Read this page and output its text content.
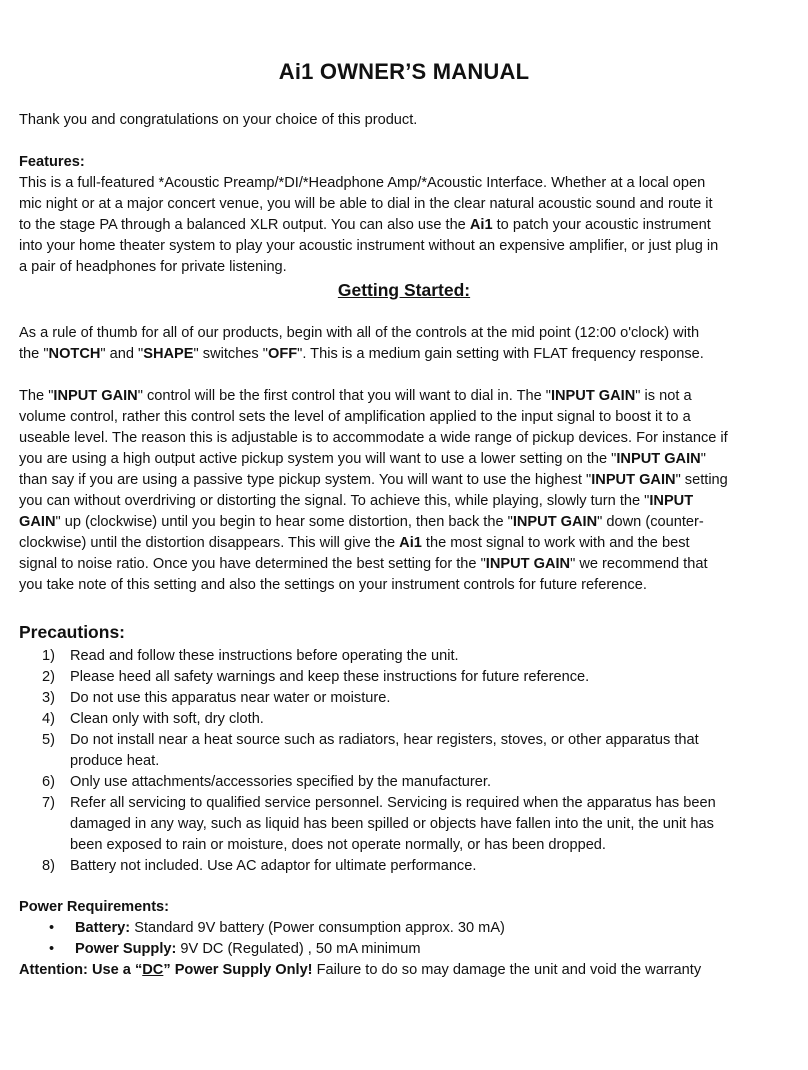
Ai1 OWNER’S MANUAL
Thank you and congratulations on your choice of this product.
Features:
This is a full-featured *Acoustic Preamp/*DI/*Headphone Amp/*Acoustic Interface. Whether at a local open
mic night or at a major concert venue, you will be able to dial in the clear natural acoustic sound and route it
to the stage PA through a balanced XLR output. You can also use the Ai1 to patch your acoustic instrument
into your home theater system to play your acoustic instrument without an expensive amplifier, or just plug in
a pair of headphones for private listening.
Getting Started:
As a rule of thumb for all of our products, begin with all of the controls at the mid point (12:00 o'clock) with
the "NOTCH" and "SHAPE" switches "OFF". This is a medium gain setting with FLAT frequency response.
The "INPUT GAIN" control will be the first control that you will want to dial in. The "INPUT GAIN" is not a
volume control, rather this control sets the level of amplification applied to the input signal to boost it to a
useable level. The reason this is adjustable is to accommodate a wide range of pickup devices. For instance if
you are using a high output active pickup system you will want to use a lower setting on the "INPUT GAIN"
than say if you are using a passive type pickup system. You will want to use the highest "INPUT GAIN" setting
you can without overdriving or distorting the signal. To achieve this, while playing, slowly turn the "INPUT
GAIN" up (clockwise) until you begin to hear some distortion, then back the "INPUT GAIN" down (counter-
clockwise) until the distortion disappears. This will give the Ai1 the most signal to work with and the best
signal to noise ratio. Once you have determined the best setting for the "INPUT GAIN" we recommend that
you take note of this setting and also the settings on your instrument controls for future reference.
Precautions:
1) Read and follow these instructions before operating the unit.
2) Please heed all safety warnings and keep these instructions for future reference.
3) Do not use this apparatus near water or moisture.
4) Clean only with soft, dry cloth.
5) Do not install near a heat source such as radiators, hear registers, stoves, or other apparatus that
produce heat.
6) Only use attachments/accessories specified by the manufacturer.
7) Refer all servicing to qualified service personnel. Servicing is required when the apparatus has been
damaged in any way, such as liquid has been spilled or objects have fallen into the unit, the unit has
been exposed to rain or moisture, does not operate normally, or has been dropped.
8) Battery not included. Use AC adaptor for ultimate performance.
Power Requirements:
• Battery: Standard 9V battery (Power consumption approx. 30 mA)
• Power Supply: 9V DC (Regulated) , 50 mA minimum
Attention: Use a “DC” Power Supply Only! Failure to do so may damage the unit and void the warranty
